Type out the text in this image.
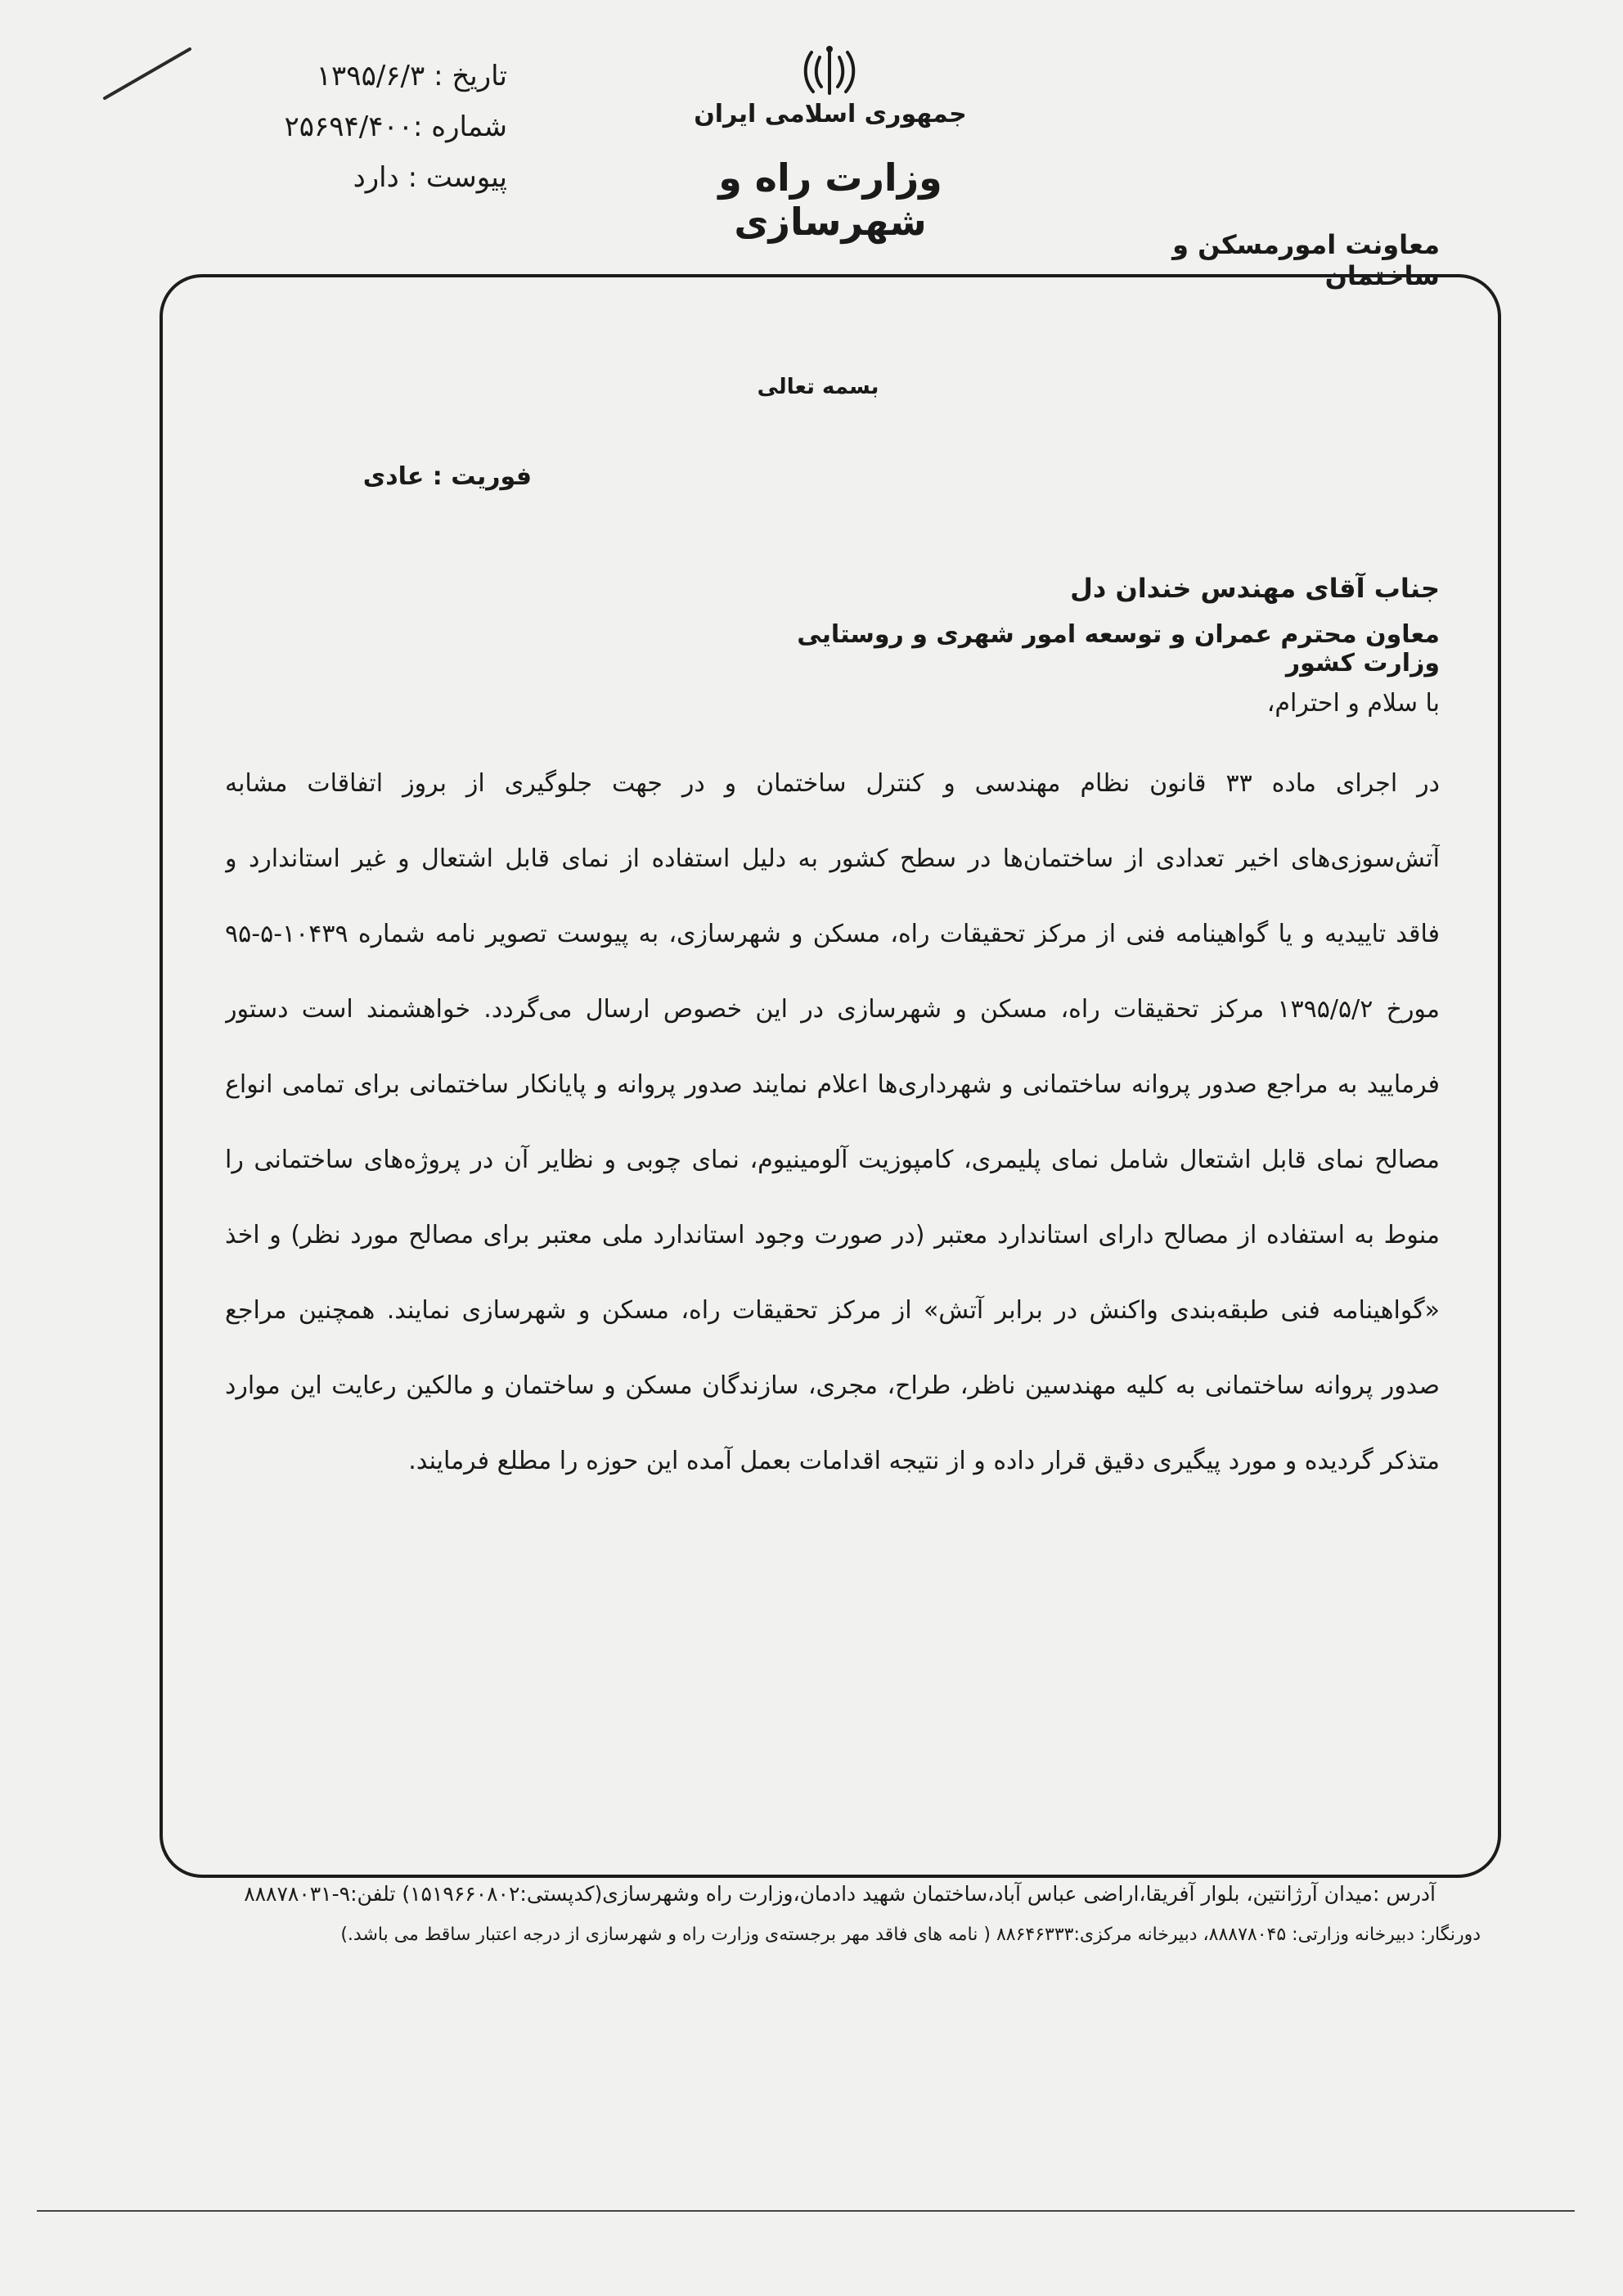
تاریخ : ۱۳۹۵/۶/۳
شماره :۲۵۶۹۴/۴۰۰
پیوست : دارد
جمهوری اسلامی ایران
وزارت راه و شهرسازی
معاونت امورمسکن و ساختمان
بسمه تعالی
فوریت : عادی
جناب آقای مهندس خندان دل
معاون محترم عمران و توسعه امور شهری و روستایی وزارت کشور
با سلام و احترام،
در اجرای ماده ۳۳ قانون نظام مهندسی و کنترل ساختمان و در جهت جلوگیری از بروز اتفاقات مشابه
آتش‌سوزی‌های اخیر تعدادی از ساختمان‌ها در سطح کشور به دلیل استفاده از نمای قابل اشتعال و غیر استاندارد و
فاقد تاییدیه و یا گواهینامه فنی از مرکز تحقیقات راه، مسکن و شهرسازی، به پیوست تصویر نامه شماره ۱۰۴۳۹-۵-۹۵
مورخ ۱۳۹۵/۵/۲ مرکز تحقیقات راه، مسکن و شهرسازی در این خصوص ارسال می‌گردد. خواهشمند است دستور
فرمایید به مراجع صدور پروانه ساختمانی و شهرداری‌ها اعلام نمایند صدور پروانه و پایانکار ساختمانی برای تمامی انواع
مصالح نمای قابل اشتعال شامل نمای پلیمری، کامپوزیت آلومینیوم، نمای چوبی و نظایر آن در پروژه‌های ساختمانی را
منوط به استفاده از مصالح دارای استاندارد معتبر (در صورت وجود استاندارد ملی معتبر برای مصالح مورد نظر) و اخذ
«گواهینامه فنی طبقه‌بندی واکنش در برابر آتش» از مرکز تحقیقات راه، مسکن و شهرسازی نمایند. همچنین مراجع
صدور پروانه ساختمانی به کلیه مهندسین ناظر، طراح، مجری، سازندگان مسکن و ساختمان و مالکین رعایت این موارد
متذکر گردیده و مورد پیگیری دقیق قرار داده و از نتیجه اقدامات بعمل آمده این حوزه را مطلع فرمایند.
آدرس :میدان آرژانتین، بلوار آفریقا،اراضی عباس آباد،ساختمان شهید دادمان،وزارت راه وشهرسازی(کدپستی:۱۵۱۹۶۶۰۸۰۲) تلفن:۹-۸۸۸۷۸۰۳۱
دورنگار: دبیرخانه وزارتی: ۸۸۸۷۸۰۴۵، دبیرخانه مرکزی:۸۸۶۴۶۳۳۳ ( نامه های فاقد مهر برجسته‌ی وزارت راه و شهرسازی از درجه اعتبار ساقط می باشد.)
